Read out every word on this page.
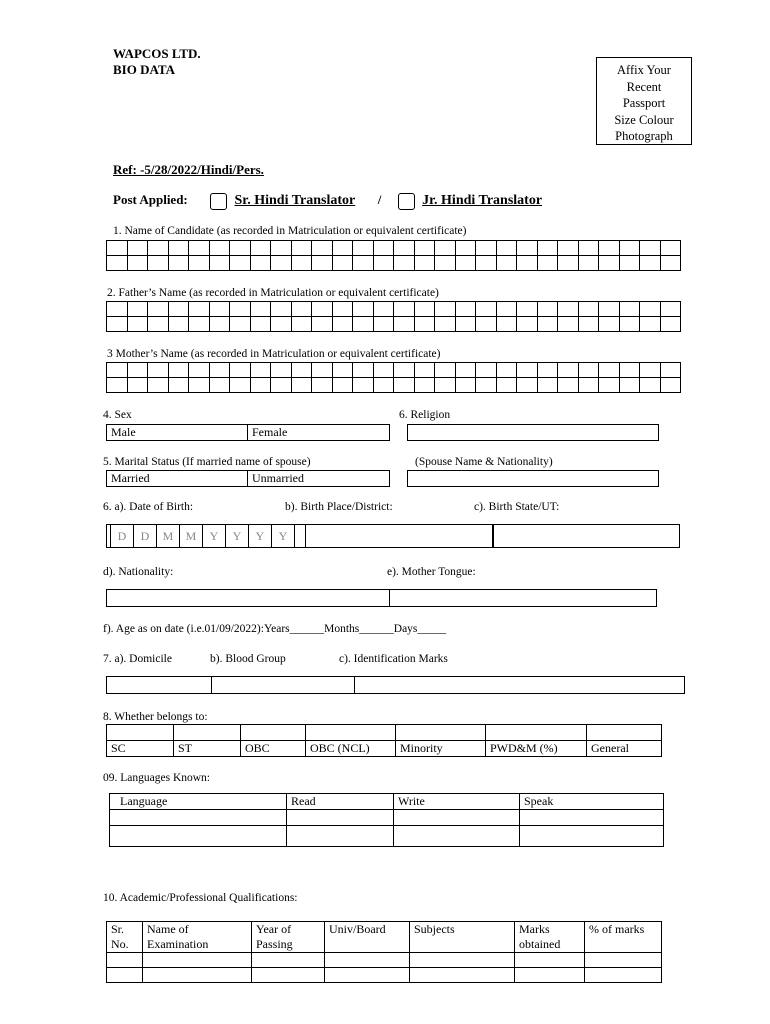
WAPCOS LTD.
BIO DATA	Affix Your
Recent
Passport
Size Colour
Photograph
Ref: -5/28/2022/Hindi/Pers.
Post Applied:	Sr. Hindi Translator /	Jr. Hindi Translator
1. Name of Candidate (as recorded in Matriculation or equivalent certificate)

2. Father’s Name (as recorded in Matriculation or equivalent certificate)

3 Mother’s Name (as recorded in Matriculation or equivalent certificate)

4. Sex	6. Religion
Male	Female
5. Marital Status (If married name of spouse)	(Spouse Name & Nationality)
Married	Unmarried
6. a). Date of Birth:	b). Birth Place/District:	c). Birth State/UT:
D	D	M	M	Y	Y	Y	Y
d). Nationality:	e). Mother Tongue:
f). Age as on date (i.e.01/09/2022):Years______Months______Days_____
7. a). Domicile	b). Blood Group	c). Identification Marks
8. Whether belongs to:

SC	ST	OBC	OBC (NCL)	Minority	PWD&M (%)	General
09. Languages Known:
Language	Read	Write	Speak

10. Academic/Professional Qualifications:
Sr. No.	Name of Examination	Year of Passing	Univ/Board	Subjects	Marks obtained	% of marks
